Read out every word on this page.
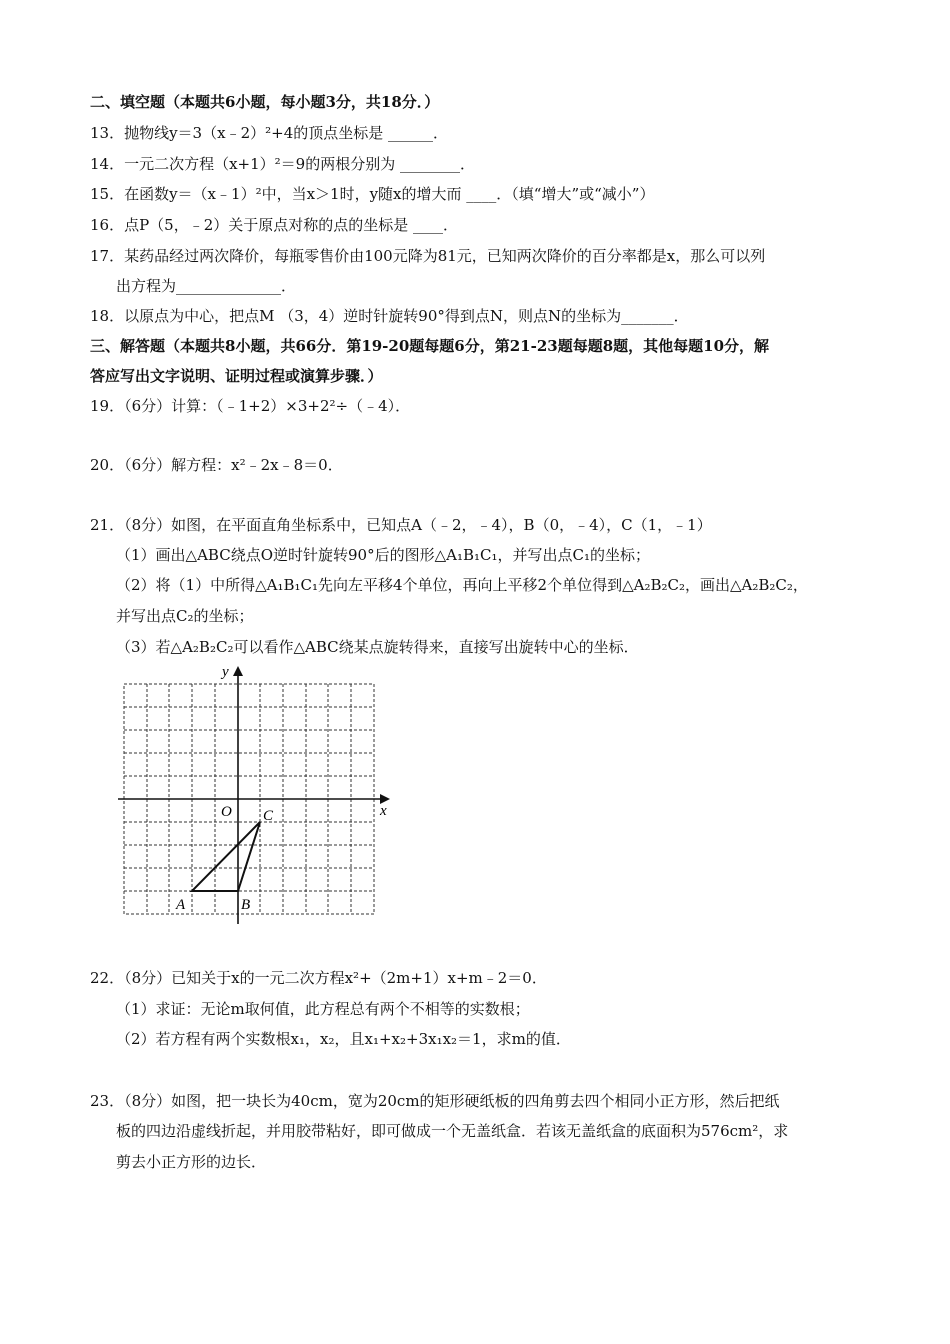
二、填空题（本题共6小题，每小题3分，共18分．）
13．抛物线y＝3（x﹣2）²+4的顶点坐标是 ______．
14．一元二次方程（x+1）²＝9的两根分别为 ________．
15．在函数y＝（x﹣1）²中，当x＞1时，y随x的增大而 ____．（填“增大”或“减小”）
16．点P（5，﹣2）关于原点对称的点的坐标是 ____．
17．某药品经过两次降价，每瓶零售价由100元降为81元，已知两次降价的百分率都是x，那么可以列
出方程为______________．
18．以原点为中心，把点M （3，4）逆时针旋转90°得到点N，则点N的坐标为_______．
三、解答题（本题共8小题，共66分．第19-20题每题6分，第21-23题每题8题，其他每题10分，解
答应写出文字说明、证明过程或演算步骤．）
19．（6分）计算：（﹣1+2）×3+2²÷（﹣4）．
20．（6分）解方程：x²﹣2x﹣8＝0．
21．（8分）如图，在平面直角坐标系中，已知点A（﹣2，﹣4），B（0，﹣4），C（1，﹣1）
（1）画出△ABC绕点O逆时针旋转90°后的图形△A₁B₁C₁，并写出点C₁的坐标；
（2）将（1）中所得△A₁B₁C₁先向左平移4个单位，再向上平移2个单位得到△A₂B₂C₂，画出△A₂B₂C₂，
并写出点C₂的坐标；
（3）若△A₂B₂C₂可以看作△ABC绕某点旋转得来，直接写出旋转中心的坐标．
x
y
O
A	B
C
22．（8分）已知关于x的一元二次方程x²+（2m+1）x+m﹣2＝0．
（1）求证：无论m取何值，此方程总有两个不相等的实数根；
（2）若方程有两个实数根x₁，x₂，且x₁+x₂+3x₁x₂＝1，求m的值．
23．（8分）如图，把一块长为40cm，宽为20cm的矩形硬纸板的四角剪去四个相同小正方形，然后把纸
板的四边沿虚线折起，并用胶带粘好，即可做成一个无盖纸盒．若该无盖纸盒的底面积为576cm²，求
剪去小正方形的边长．
